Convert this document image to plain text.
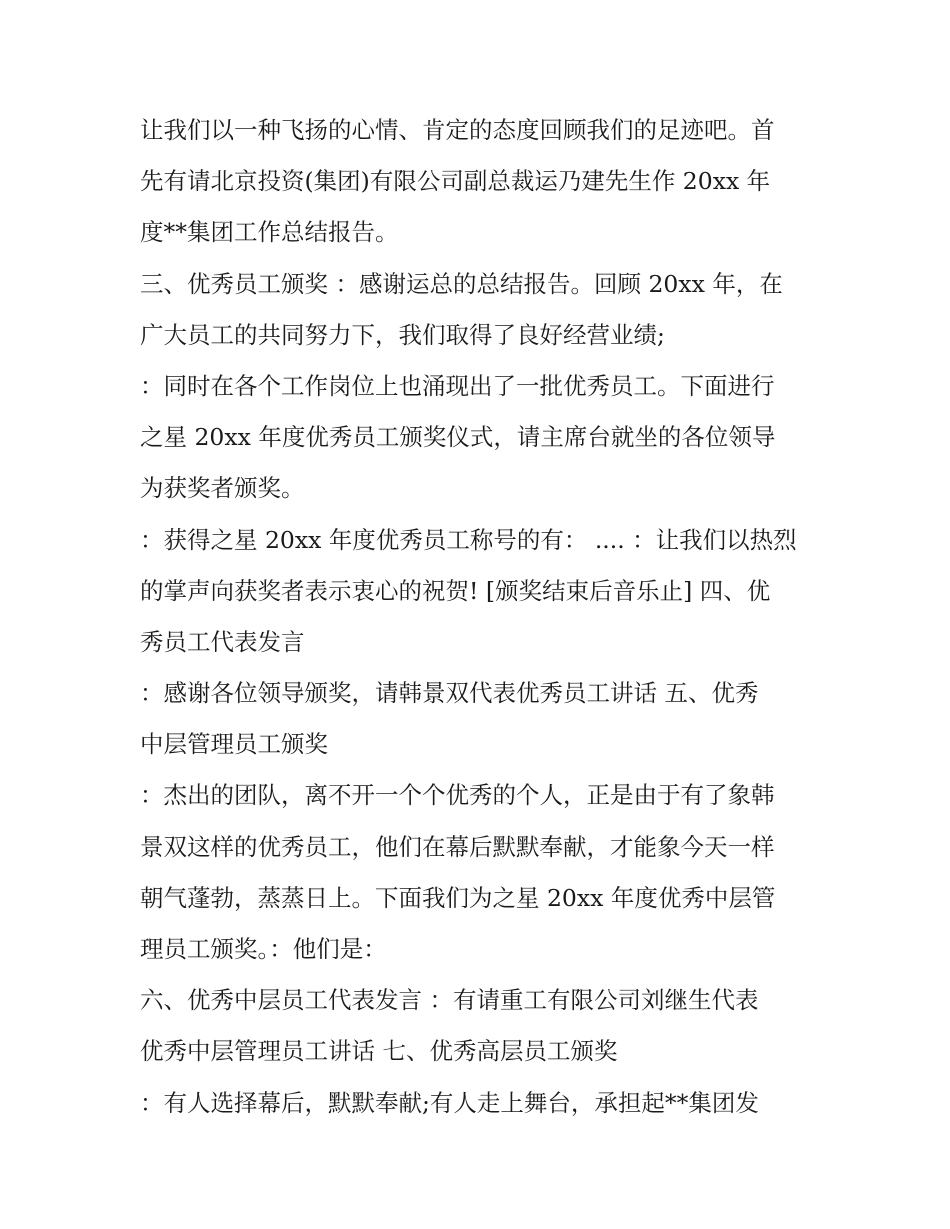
让我们以一种飞扬的心情、肯定的态度回顾我们的足迹吧。首
先有请北京投资(集团)有限公司副总裁运乃建先生作 20xx 年
度**集团工作总结报告。
三、优秀员工颁奖 ：感谢运总的总结报告。回顾 20xx 年，在
广大员工的共同努力下，我们取得了良好经营业绩;
：同时在各个工作岗位上也涌现出了一批优秀员工。下面进行
之星 20xx 年度优秀员工颁奖仪式，请主席台就坐的各位领导
为获奖者颁奖。
：获得之星 20xx 年度优秀员工称号的有： .... ：让我们以热烈
的掌声向获奖者表示衷心的祝贺! [颁奖结束后音乐止] 四、优
秀员工代表发言
：感谢各位领导颁奖，请韩景双代表优秀员工讲话 五、优秀
中层管理员工颁奖
：杰出的团队，离不开一个个优秀的个人，正是由于有了象韩
景双这样的优秀员工，他们在幕后默默奉献，才能象今天一样
朝气蓬勃，蒸蒸日上。下面我们为之星 20xx 年度优秀中层管
理员工颁奖。：他们是：
六、优秀中层员工代表发言 ：有请重工有限公司刘继生代表
优秀中层管理员工讲话 七、优秀高层员工颁奖
：有人选择幕后，默默奉献;有人走上舞台，承担起**集团发
